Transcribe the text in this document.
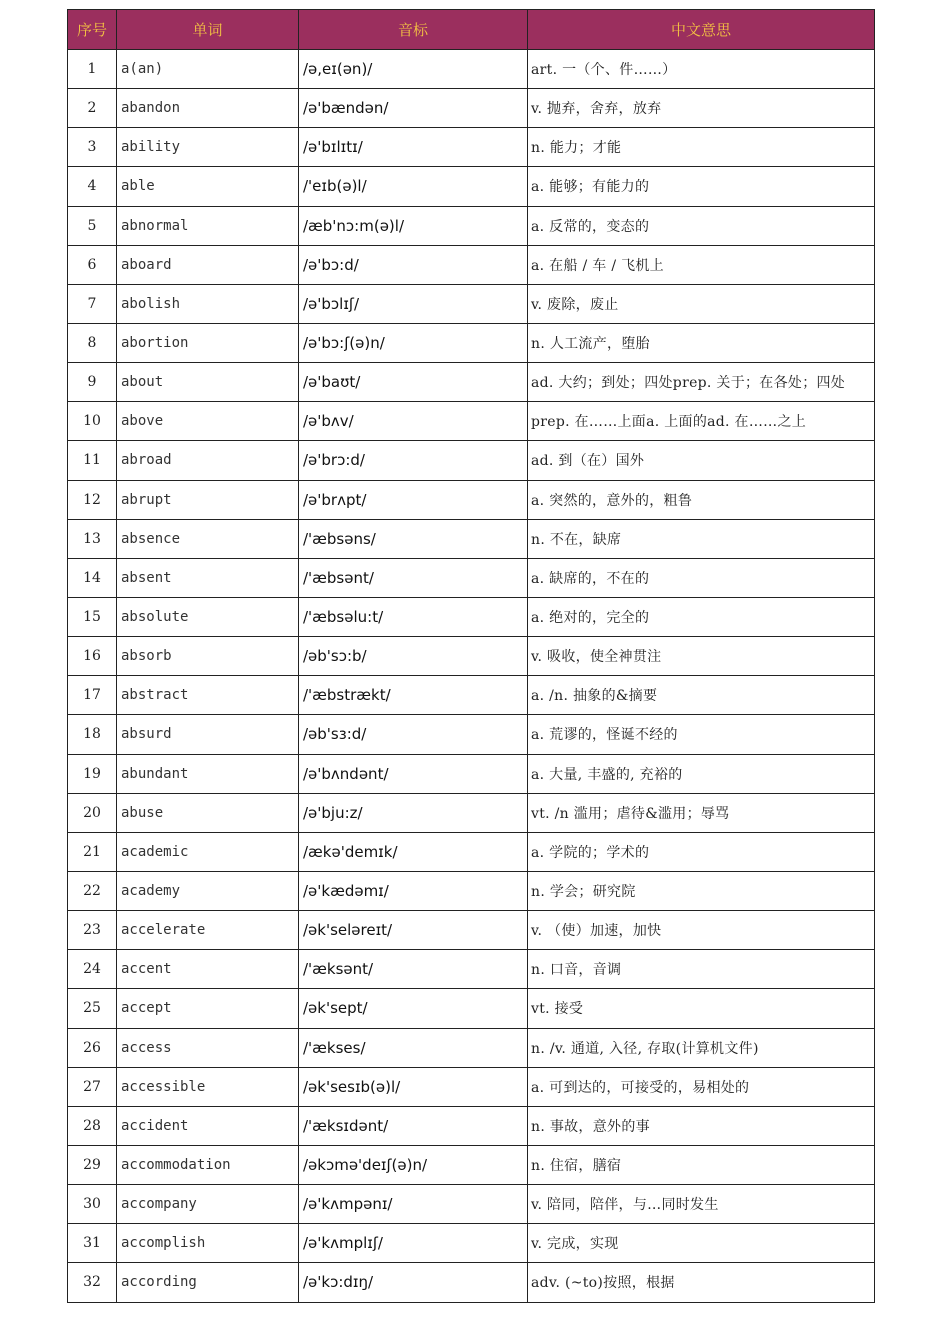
序号	单词	音标	中文意思
1	a(an)	/ə,eɪ(ən)/	art. 一（个、件……）
2	abandon	/ə'bændən/	v. 抛弃，舍弃，放弃
3	ability	/ə'bɪlɪtɪ/	n. 能力；才能
4	able	/'eɪb(ə)l/	a. 能够；有能力的
5	abnormal	/æb'nɔ:m(ə)l/	a. 反常的，变态的
6	aboard	/ə'bɔ:d/	a. 在船 / 车 / 飞机上
7	abolish	/ə'bɔlɪʃ/	v. 废除，废止
8	abortion	/ə'bɔ:ʃ(ə)n/	n. 人工流产，堕胎
9	about	/ə'baʊt/	ad. 大约；到处；四处prep. 关于；在各处；四处
10	above	/ə'bʌv/	prep. 在……上面a. 上面的ad. 在……之上
11	abroad	/ə'brɔ:d/	ad. 到（在）国外
12	abrupt	/ə'brʌpt/	a. 突然的，意外的，粗鲁
13	absence	/'æbsəns/	n. 不在，缺席
14	absent	/'æbsənt/	a. 缺席的，不在的
15	absolute	/'æbsəlu:t/	a. 绝对的，完全的
16	absorb	/əb'sɔ:b/	v. 吸收，使全神贯注
17	abstract	/'æbstrækt/	a. /n. 抽象的&摘要
18	absurd	/əb'sɜ:d/	a. 荒谬的，怪诞不经的
19	abundant	/ə'bʌndənt/	a. 大量, 丰盛的, 充裕的
20	abuse	/ə'bju:z/	vt. /n 滥用；虐待&滥用；辱骂
21	academic	/ækə'demɪk/	a. 学院的；学术的
22	academy	/ə'kædəmɪ/	n. 学会；研究院
23	accelerate	/ək'seləreɪt/	v. （使）加速，加快
24	accent	/'æksənt/	n. 口音，音调
25	accept	/ək'sept/	vt. 接受
26	access	/'ækses/	n. /v. 通道, 入径, 存取(计算机文件)
27	accessible	/ək'sesɪb(ə)l/	a. 可到达的，可接受的，易相处的
28	accident	/'æksɪdənt/	n. 事故，意外的事
29	accommodation	/əkɔmə'deɪʃ(ə)n/	n. 住宿，膳宿
30	accompany	/ə'kʌmpənɪ/	v. 陪同，陪伴，与…同时发生
31	accomplish	/ə'kʌmplɪʃ/	v. 完成，实现
32	according	/ə'kɔ:dɪŋ/	adv. (~to)按照，根据
